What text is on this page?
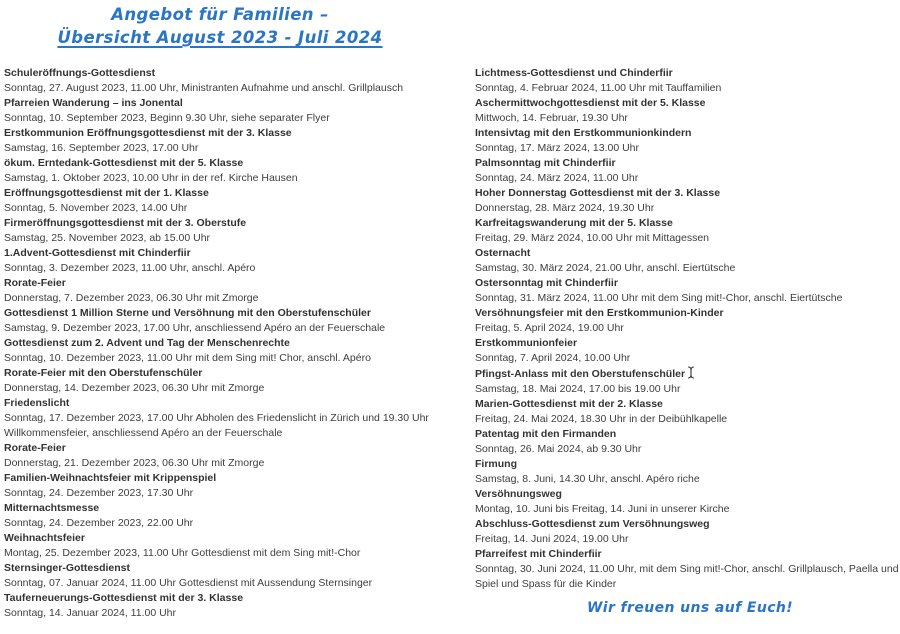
Angebot für Familien –
Übersicht August 2023 - Juli 2024
Schuleröffnungs-Gottesdienst
Sonntag, 27. August 2023, 11.00 Uhr, Ministranten Aufnahme und anschl. Grillplausch
Pfarreien Wanderung – ins Jonental
Sonntag, 10. September 2023, Beginn 9.30 Uhr, siehe separater Flyer
Erstkommunion Eröffnungsgottesdienst mit der 3. Klasse
Samstag, 16. September 2023, 17.00 Uhr
ökum. Erntedank-Gottesdienst mit der 5. Klasse
Samstag, 1. Oktober 2023, 10.00 Uhr in der ref. Kirche Hausen
Eröffnungsgottesdienst mit der 1. Klasse
Sonntag, 5. November 2023, 14.00 Uhr
Firmeröffnungsgottesdienst mit der 3. Oberstufe
Samstag, 25. November 2023, ab 15.00 Uhr
1.Advent-Gottesdienst mit Chinderfiir
Sonntag, 3. Dezember 2023, 11.00 Uhr, anschl. Apéro
Rorate-Feier
Donnerstag, 7. Dezember 2023, 06.30 Uhr mit Zmorge
Gottesdienst 1 Million Sterne und Versöhnung mit den Oberstufenschüler
Samstag, 9. Dezember 2023, 17.00 Uhr, anschliessend Apéro an der Feuerschale
Gottesdienst zum 2. Advent und Tag der Menschenrechte
Sonntag, 10. Dezember 2023, 11.00 Uhr mit dem Sing mit! Chor, anschl. Apéro
Rorate-Feier mit den Oberstufenschüler
Donnerstag, 14. Dezember 2023, 06.30 Uhr mit Zmorge
Friedenslicht
Sonntag, 17. Dezember 2023, 17.00 Uhr Abholen des Friedenslicht in Zürich und 19.30 Uhr Willkommensfeier, anschliessend Apéro an der Feuerschale
Rorate-Feier
Donnerstag, 21. Dezember 2023, 06.30 Uhr mit Zmorge
Familien-Weihnachtsfeier mit Krippenspiel
Sonntag, 24. Dezember 2023, 17.30 Uhr
Mitternachtsmesse
Sonntag, 24. Dezember 2023, 22.00 Uhr
Weihnachtsfeier
Montag, 25. Dezember 2023, 11.00 Uhr Gottesdienst mit dem Sing mit!-Chor
Sternsinger-Gottesdienst
Sonntag, 07. Januar 2024, 11.00 Uhr Gottesdienst mit Aussendung Sternsinger
Tauferneuerungs-Gottesdienst mit der 3. Klasse
Sonntag, 14. Januar 2024, 11.00 Uhr
Lichtmess-Gottesdienst und Chinderfiir
Sonntag, 4. Februar 2024, 11.00 Uhr mit Tauffamilien
Aschermittwochgottesdienst mit der 5. Klasse
Mittwoch, 14. Februar, 19.30 Uhr
Intensivtag mit den Erstkommunionkindern
Sonntag, 17. März 2024, 13.00 Uhr
Palmsonntag mit Chinderfiir
Sonntag, 24. März 2024, 11.00 Uhr
Hoher Donnerstag Gottesdienst mit der 3. Klasse
Donnerstag, 28. März 2024, 19.30 Uhr
Karfreitagswanderung mit der 5. Klasse
Freitag, 29. März 2024, 10.00 Uhr mit Mittagessen
Osternacht
Samstag, 30. März 2024, 21.00 Uhr, anschl. Eiertütsche
Ostersonntag mit Chinderfiir
Sonntag, 31. März 2024, 11.00 Uhr mit dem Sing mit!-Chor, anschl. Eiertütsche
Versöhnungsfeier mit den Erstkommunion-Kinder
Freitag, 5. April 2024, 19.00 Uhr
Erstkommunionfeier
Sonntag, 7. April 2024, 10.00 Uhr
Pfingst-Anlass mit den Oberstufenschüler
Samstag, 18. Mai 2024, 17.00 bis 19.00 Uhr
Marien-Gottesdienst mit der 2. Klasse
Freitag, 24. Mai 2024, 18.30 Uhr in der Deibühlkapelle
Patentag mit den Firmanden
Sonntag, 26. Mai 2024, ab 9.30 Uhr
Firmung
Samstag, 8. Juni, 14.30 Uhr, anschl. Apéro riche
Versöhnungsweg
Montag, 10. Juni bis Freitag, 14. Juni in unserer Kirche
Abschluss-Gottesdienst zum Versöhnungsweg
Freitag, 14. Juni 2024, 19.00 Uhr
Pfarreifest mit Chinderfiir
Sonntag, 30. Juni 2024, 11.00 Uhr, mit dem Sing mit!-Chor, anschl. Grillplausch, Paella und Spiel und Spass für die Kinder
Wir freuen uns auf Euch!
